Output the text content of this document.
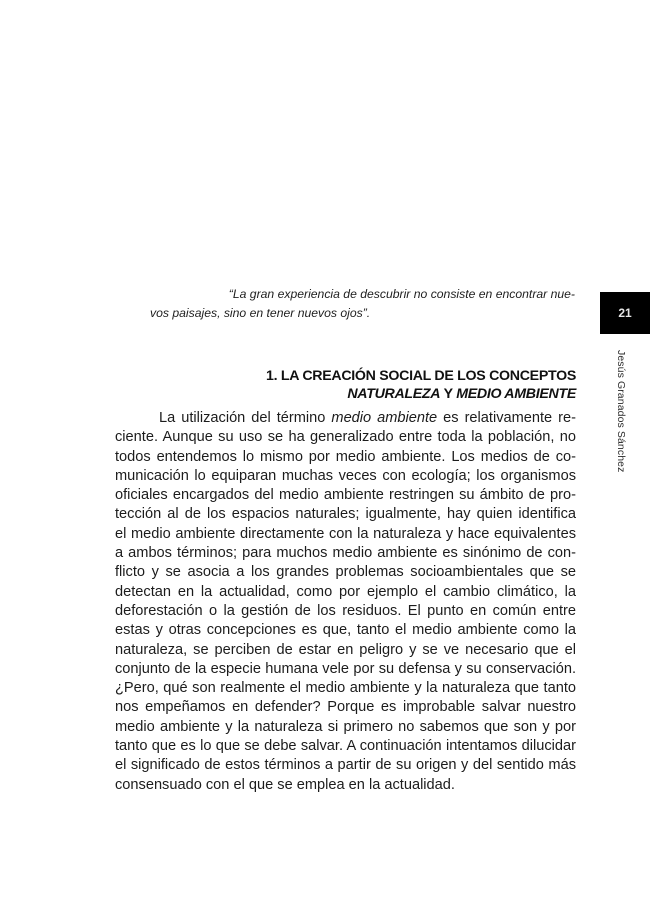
“La gran experiencia de descubrir no consiste en encontrar nue-
vos paisajes, sino en tener nuevos ojos”.	21
Jesús Granados Sánchez
1. LA CREACIÓN SOCIAL DE LOS CONCEPTOS
NATURALEZA Y MEDIO AMBIENTE
La utilización del término medio ambiente es relativamente re-
ciente. Aunque su uso se ha generalizado entre toda la población, no
todos entendemos lo mismo por medio ambiente. Los medios de co-
municación lo equiparan muchas veces con ecología; los organismos
oficiales encargados del medio ambiente restringen su ámbito de pro-
tección al de los espacios naturales; igualmente, hay quien identifica
el medio ambiente directamente con la naturaleza y hace equivalentes
a ambos términos; para muchos medio ambiente es sinónimo de con-
flicto y se asocia a los grandes problemas socioambientales que se
detectan en la actualidad, como por ejemplo el cambio climático, la
deforestación o la gestión de los residuos. El punto en común entre
estas y otras concepciones es que, tanto el medio ambiente como la
naturaleza, se perciben de estar en peligro y se ve necesario que el
conjunto de la especie humana vele por su defensa y su conservación.
¿Pero, qué son realmente el medio ambiente y la naturaleza que tanto
nos empeñamos en defender? Porque es improbable salvar nuestro
medio ambiente y la naturaleza si primero no sabemos que son y por
tanto que es lo que se debe salvar. A continuación intentamos dilucidar
el significado de estos términos a partir de su origen y del sentido más
consensuado con el que se emplea en la actualidad.
